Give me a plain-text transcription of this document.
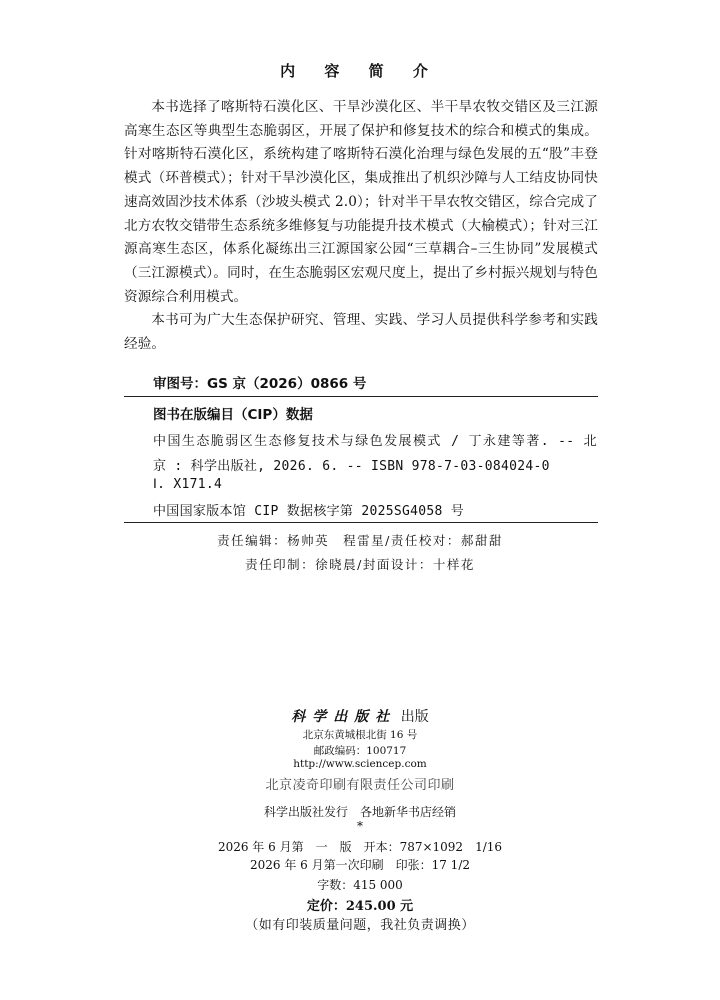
内 容 简 介

本书选择了喀斯特石漠化区、干旱沙漠化区、半干旱农牧交错区及三江源高寒生态区等典型生态脆弱区，开展了保护和修复技术的综合和模式的集成。针对喀斯特石漠化区，系统构建了喀斯特石漠化治理与绿色发展的五“股”丰登模式（环普模式）；针对干旱沙漠化区，集成推出了机织沙障与人工结皮协同快速高效固沙技术体系（沙坡头模式 2.0）；针对半干旱农牧交错区，综合完成了北方农牧交错带生态系统多维修复与功能提升技术模式（大榆模式）；针对三江源高寒生态区，体系化凝练出三江源国家公园“三草耦合–三生协同”发展模式（三江源模式）。同时，在生态脆弱区宏观尺度上，提出了乡村振兴规划与特色资源综合利用模式。

本书可为广大生态保护研究、管理、实践、学习人员提供科学参考和实践经验。

审图号：GS 京（2026）0866 号
图书在版编目（CIP）数据
中国生态脆弱区生态修复技术与绿色发展模式 / 丁永建等著. -- 北
京 : 科学出版社, 2026. 6. -- ISBN 978-7-03-084024-0
Ⅰ. X171.4
中国国家版本馆 CIP 数据核字第 2025SG4058 号
责任编辑：杨帅英　程雷星/责任校对：郝甜甜
责任印制：徐晓晨/封面设计：十样花
科学出版社 出版
北京东黄城根北街 16 号
邮政编码：100717
http://www.sciencep.com
北京凌奇印刷有限责任公司印刷
科学出版社发行　各地新华书店经销
*
2026 年 6 月第　一　版　开本：787×1092　1/16
2026 年 6 月第一次印刷　印张：17 1/2
字数：415 000
定价：245.00 元
（如有印装质量问题，我社负责调换）
